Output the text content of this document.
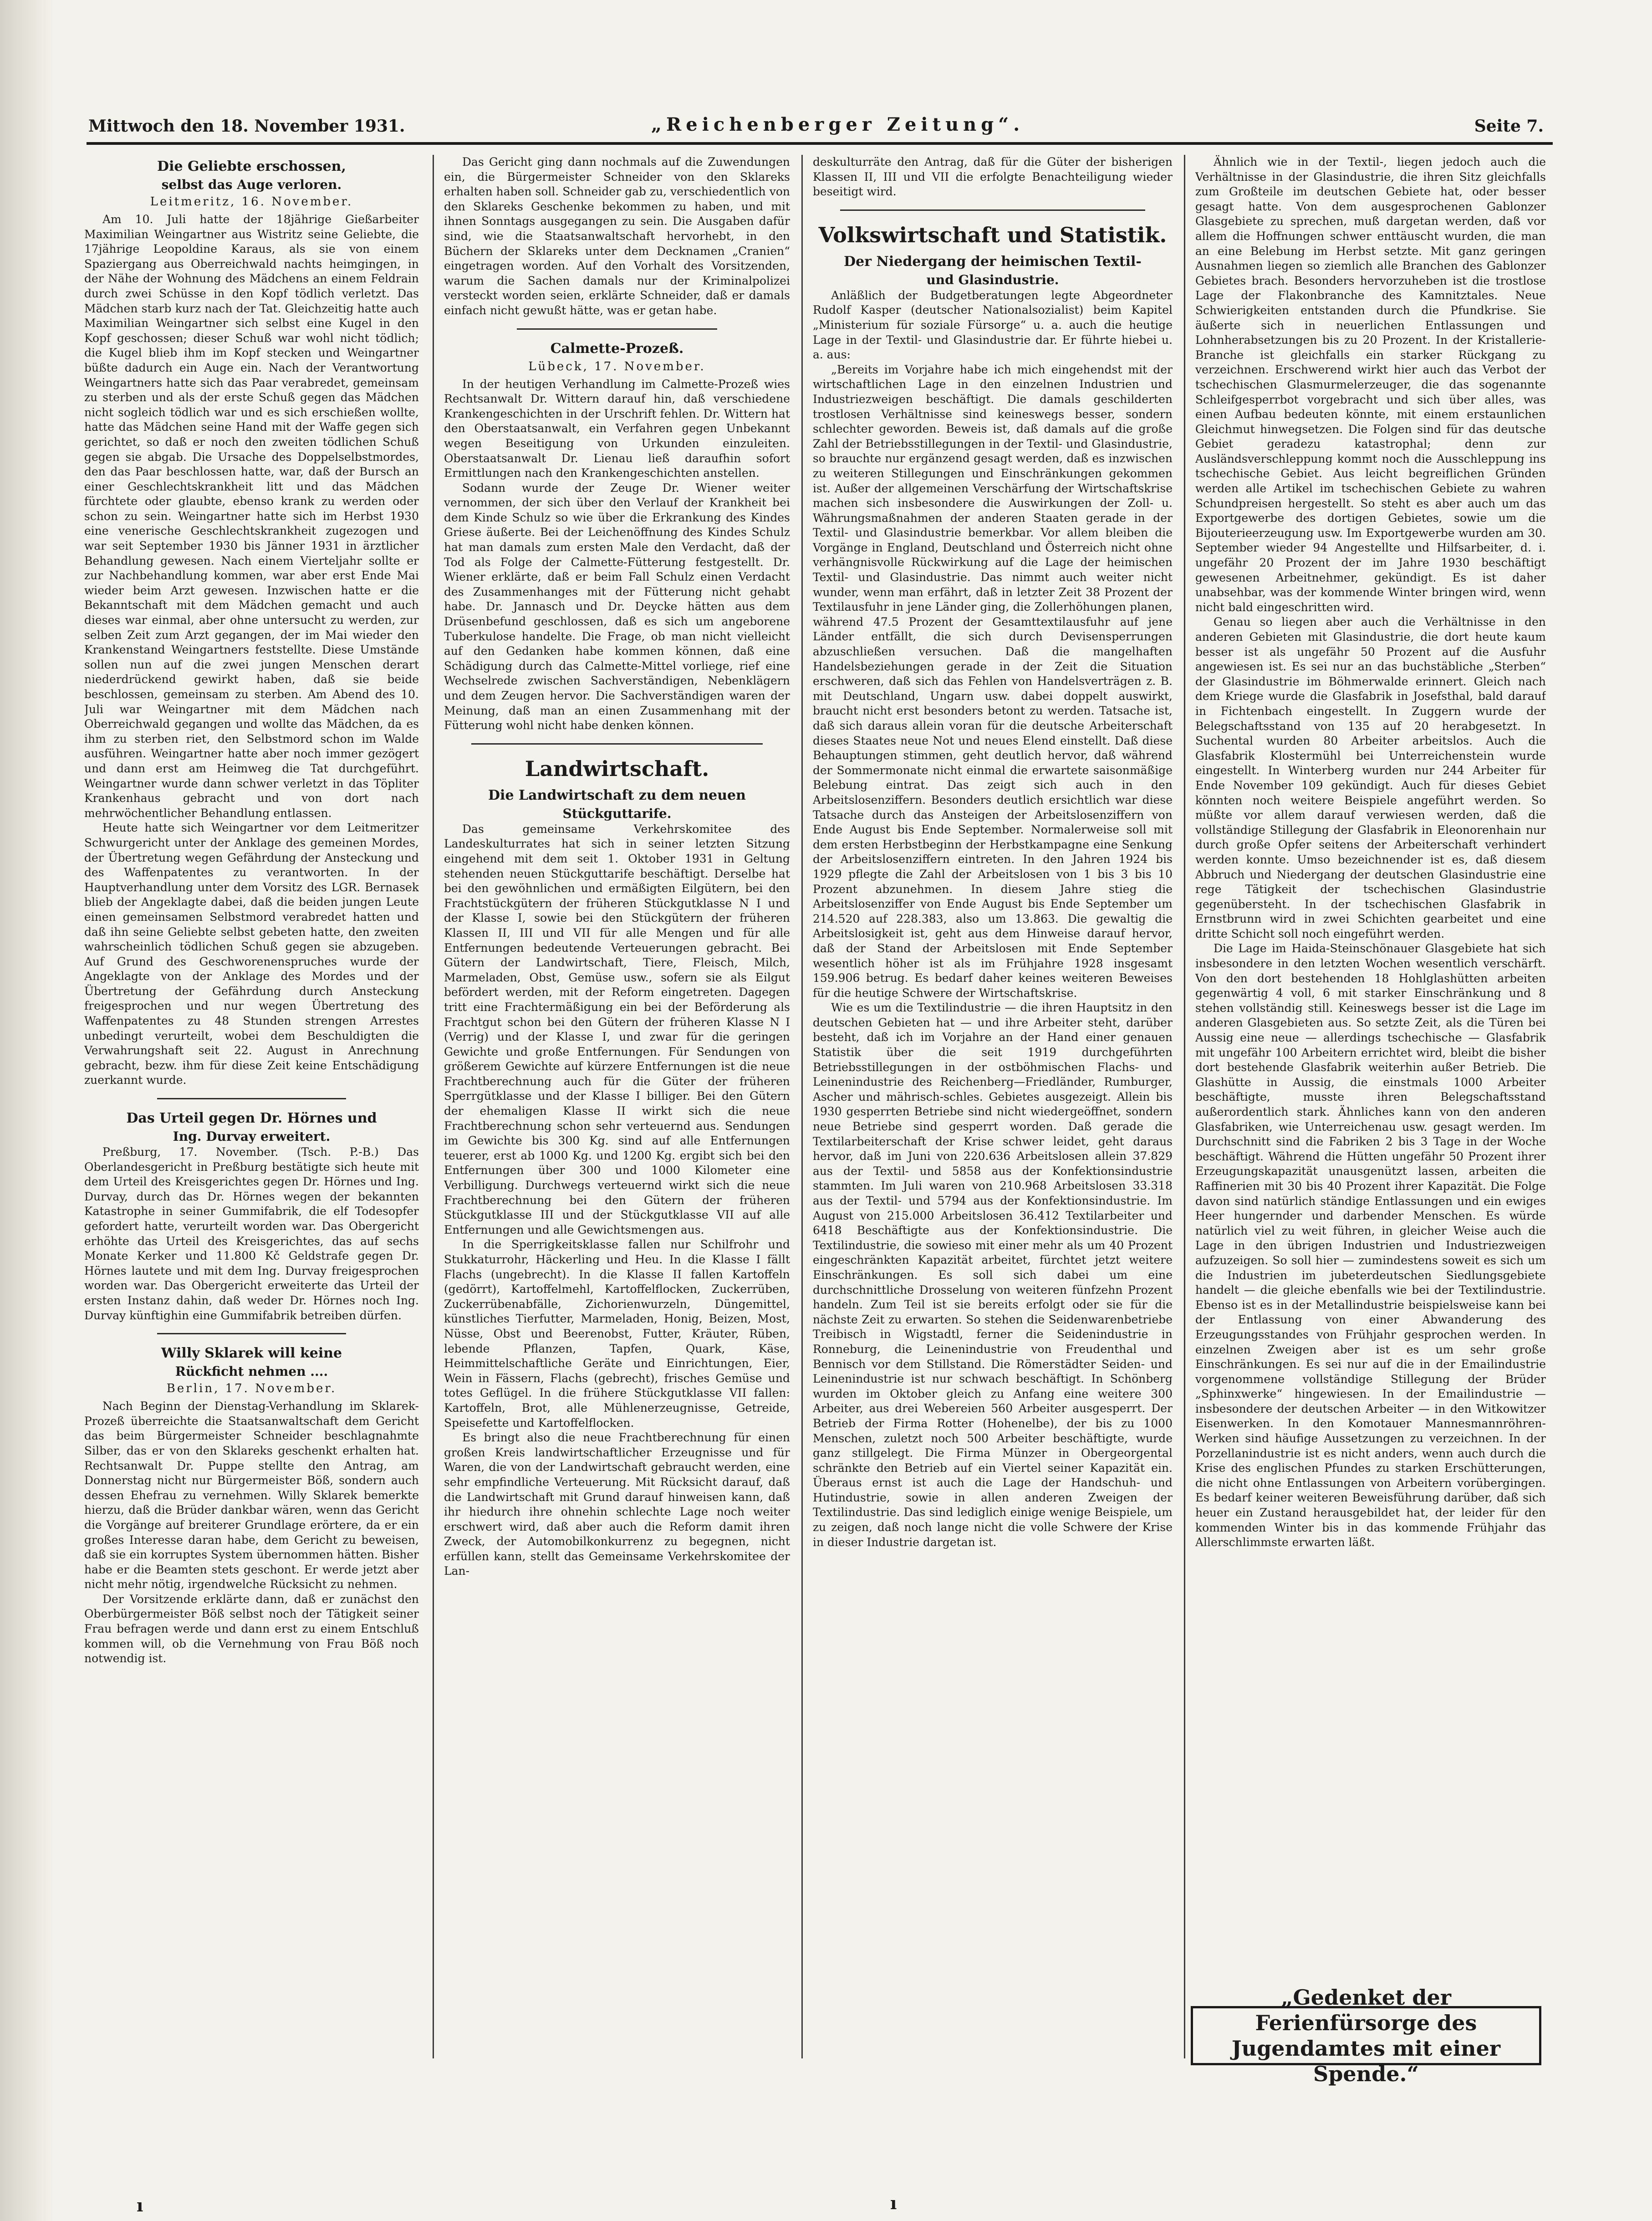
Mittwoch den 18. November 1931.	„Reichenberger Zeitung“.	Seite 7.
Die Geliebte erschossen,
selbst das Auge verloren.
Leitmeritz, 16. November.

Am 10. Juli hatte der 18jährige Gießarbeiter Maximilian Weingartner aus Wistritz seine Geliebte, die 17jährige Leopoldine Karaus, als sie von einem Spaziergang aus Oberreichwald nachts heimgingen, in der Nähe der Wohnung des Mädchens an einem Feldrain durch zwei Schüsse in den Kopf tödlich verletzt. Das Mädchen starb kurz nach der Tat. Gleichzeitig hatte auch Maximilian Weingartner sich selbst eine Kugel in den Kopf geschossen; dieser Schuß war wohl nicht tödlich; die Kugel blieb ihm im Kopf stecken und Weingartner büßte dadurch ein Auge ein. Nach der Verantwortung Weingartners hatte sich das Paar verabredet, gemeinsam zu sterben und als der erste Schuß gegen das Mädchen nicht sogleich tödlich war und es sich erschießen wollte, hatte das Mädchen seine Hand mit der Waffe gegen sich gerichtet, so daß er noch den zweiten tödlichen Schuß gegen sie abgab. Die Ursache des Doppelselbstmordes, den das Paar beschlossen hatte, war, daß der Bursch an einer Geschlechtskrankheit litt und das Mädchen fürchtete oder glaubte, ebenso krank zu werden oder schon zu sein. Weingartner hatte sich im Herbst 1930 eine venerische Geschlechtskrankheit zugezogen und war seit September 1930 bis Jänner 1931 in ärztlicher Behandlung gewesen. Nach einem Vierteljahr sollte er zur Nachbehandlung kommen, war aber erst Ende Mai wieder beim Arzt gewesen. Inzwischen hatte er die Bekanntschaft mit dem Mädchen gemacht und auch dieses war einmal, aber ohne untersucht zu werden, zur selben Zeit zum Arzt gegangen, der im Mai wieder den Krankenstand Weingartners feststellte. Diese Umstände sollen nun auf die zwei jungen Menschen derart niederdrückend gewirkt haben, daß sie beide beschlossen, gemeinsam zu sterben. Am Abend des 10. Juli war Weingartner mit dem Mädchen nach Oberreichwald gegangen und wollte das Mädchen, da es ihm zu sterben riet, den Selbstmord schon im Walde ausführen. Weingartner hatte aber noch immer gezögert und dann erst am Heimweg die Tat durchgeführt. Weingartner wurde dann schwer verletzt in das Töpliter Krankenhaus gebracht und von dort nach mehrwöchentlicher Behandlung entlassen.

Heute hatte sich Weingartner vor dem Leitmeritzer Schwurgericht unter der Anklage des gemeinen Mordes, der Übertretung wegen Gefährdung der Ansteckung und des Waffenpatentes zu verantworten. In der Hauptverhandlung unter dem Vorsitz des LGR. Bernasek blieb der Angeklagte dabei, daß die beiden jungen Leute einen gemeinsamen Selbstmord verabredet hatten und daß ihn seine Geliebte selbst gebeten hatte, den zweiten wahrscheinlich tödlichen Schuß gegen sie abzugeben. Auf Grund des Geschworenenspruches wurde der Angeklagte von der Anklage des Mordes und der Übertretung der Gefährdung durch Ansteckung freigesprochen und nur wegen Übertretung des Waffenpatentes zu 48 Stunden strengen Arrestes unbedingt verurteilt, wobei dem Beschuldigten die Verwahrungshaft seit 22. August in Anrechnung gebracht, bezw. ihm für diese Zeit keine Entschädigung zuerkannt wurde.

Das Urteil gegen Dr. Hörnes und
Ing. Durvay erweitert.

Preßburg, 17. November. (Tsch. P.-B.) Das Oberlandesgericht in Preßburg bestätigte sich heute mit dem Urteil des Kreisgerichtes gegen Dr. Hörnes und Ing. Durvay, durch das Dr. Hörnes wegen der bekannten Katastrophe in seiner Gummifabrik, die elf Todesopfer gefordert hatte, verurteilt worden war. Das Obergericht erhöhte das Urteil des Kreisgerichtes, das auf sechs Monate Kerker und 11.800 Kč Geldstrafe gegen Dr. Hörnes lautete und mit dem Ing. Durvay freigesprochen worden war. Das Obergericht erweiterte das Urteil der ersten Instanz dahin, daß weder Dr. Hörnes noch Ing. Durvay künftighin eine Gummifabrik betreiben dürfen.

Willy Sklarek will keine
Rückficht nehmen ....
Berlin, 17. November.

Nach Beginn der Dienstag-Verhandlung im Sklarek-Prozeß überreichte die Staatsanwaltschaft dem Gericht das beim Bürgermeister Schneider beschlagnahmte Silber, das er von den Sklareks geschenkt erhalten hat. Rechtsanwalt Dr. Puppe stellte den Antrag, am Donnerstag nicht nur Bürgermeister Böß, sondern auch dessen Ehefrau zu vernehmen. Willy Sklarek bemerkte hierzu, daß die Brüder dankbar wären, wenn das Gericht die Vorgänge auf breiterer Grundlage erörtere, da er ein großes Interesse daran habe, dem Gericht zu beweisen, daß sie ein korruptes System übernommen hätten. Bisher habe er die Beamten stets geschont. Er werde jetzt aber nicht mehr nötig, irgendwelche Rücksicht zu nehmen.

Der Vorsitzende erklärte dann, daß er zunächst den Oberbürgermeister Böß selbst noch der Tätigkeit seiner Frau befragen werde und dann erst zu einem Entschluß kommen will, ob die Vernehmung von Frau Böß noch notwendig ist.

Das Gericht ging dann nochmals auf die Zuwendungen ein, die Bürgermeister Schneider von den Sklareks erhalten haben soll. Schneider gab zu, verschiedentlich von den Sklareks Geschenke bekommen zu haben, und mit ihnen Sonntags ausgegangen zu sein. Die Ausgaben dafür sind, wie die Staatsanwaltschaft hervorhebt, in den Büchern der Sklareks unter dem Decknamen „Cranien“ eingetragen worden. Auf den Vorhalt des Vorsitzenden, warum die Sachen damals nur der Kriminalpolizei versteckt worden seien, erklärte Schneider, daß er damals einfach nicht gewußt hätte, was er getan habe.

Calmette-Prozeß.
Lübeck, 17. November.

In der heutigen Verhandlung im Calmette-Prozeß wies Rechtsanwalt Dr. Wittern darauf hin, daß verschiedene Krankengeschichten in der Urschrift fehlen. Dr. Wittern hat den Oberstaatsanwalt, ein Verfahren gegen Unbekannt wegen Beseitigung von Urkunden einzuleiten. Oberstaatsanwalt Dr. Lienau ließ daraufhin sofort Ermittlungen nach den Krankengeschichten anstellen.

Sodann wurde der Zeuge Dr. Wiener weiter vernommen, der sich über den Verlauf der Krankheit bei dem Kinde Schulz so wie über die Erkrankung des Kindes Griese äußerte. Bei der Leichenöffnung des Kindes Schulz hat man damals zum ersten Male den Verdacht, daß der Tod als Folge der Calmette-Fütterung festgestellt. Dr. Wiener erklärte, daß er beim Fall Schulz einen Verdacht des Zusammenhanges mit der Fütterung nicht gehabt habe. Dr. Jannasch und Dr. Deycke hätten aus dem Drüsenbefund geschlossen, daß es sich um angeborene Tuberkulose handelte. Die Frage, ob man nicht vielleicht auf den Gedanken habe kommen können, daß eine Schädigung durch das Calmette-Mittel vorliege, rief eine Wechselrede zwischen Sachverständigen, Nebenklägern und dem Zeugen hervor. Die Sachverständigen waren der Meinung, daß man an einen Zusammenhang mit der Fütterung wohl nicht habe denken können.

Landwirtschaft.
Die Landwirtschaft zu dem neuen
Stückguttarife.

Das gemeinsame Verkehrskomitee des Landeskulturrates hat sich in seiner letzten Sitzung eingehend mit dem seit 1. Oktober 1931 in Geltung stehenden neuen Stückguttarife beschäftigt. Derselbe hat bei den gewöhnlichen und ermäßigten Eilgütern, bei den Frachtstückgütern der früheren Stückgutklasse N I und der Klasse I, sowie bei den Stückgütern der früheren Klassen II, III und VII für alle Mengen und für alle Entfernungen bedeutende Verteuerungen gebracht. Bei Gütern der Landwirtschaft, Tiere, Fleisch, Milch, Marmeladen, Obst, Gemüse usw., sofern sie als Eilgut befördert werden, mit der Reform eingetreten. Dagegen tritt eine Frachtermäßigung ein bei der Beförderung als Frachtgut schon bei den Gütern der früheren Klasse N I (Verrig) und der Klasse I, und zwar für die geringen Gewichte und große Entfernungen. Für Sendungen von größerem Gewichte auf kürzere Entfernungen ist die neue Frachtberechnung auch für die Güter der früheren Sperrgütklasse und der Klasse I billiger. Bei den Gütern der ehemaligen Klasse II wirkt sich die neue Frachtberechnung schon sehr verteuernd aus. Sendungen im Gewichte bis 300 Kg. sind auf alle Entfernungen teuerer, erst ab 1000 Kg. und 1200 Kg. ergibt sich bei den Entfernungen über 300 und 1000 Kilometer eine Verbilligung. Durchwegs verteuernd wirkt sich die neue Frachtberechnung bei den Gütern der früheren Stückgutklasse III und der Stückgutklasse VII auf alle Entfernungen und alle Gewichtsmengen aus.

In die Sperrigkeitsklasse fallen nur Schilfrohr und Stukkaturrohr, Häckerling und Heu. In die Klasse I fällt Flachs (ungebrecht). In die Klasse II fallen Kartoffeln (gedörrt), Kartoffelmehl, Kartoffelflocken, Zuckerrüben, Zuckerrübenabfälle, Zichorienwurzeln, Düngemittel, künstliches Tierfutter, Marmeladen, Honig, Beizen, Most, Nüsse, Obst und Beerenobst, Futter, Kräuter, Rüben, lebende Pflanzen, Tapfen, Quark, Käse, Heimmittelschaftliche Geräte und Einrichtungen, Eier, Wein in Fässern, Flachs (gebrecht), frisches Gemüse und totes Geflügel. In die frühere Stückgutklasse VII fallen: Kartoffeln, Brot, alle Mühlenerzeugnisse, Getreide, Speisefette und Kartoffelflocken.

Es bringt also die neue Frachtberechnung für einen großen Kreis landwirtschaftlicher Erzeugnisse und für Waren, die von der Landwirtschaft gebraucht werden, eine sehr empfindliche Verteuerung. Mit Rücksicht darauf, daß die Landwirtschaft mit Grund darauf hinweisen kann, daß ihr hiedurch ihre ohnehin schlechte Lage noch weiter erschwert wird, daß aber auch die Reform damit ihren Zweck, der Automobilkonkurrenz zu begegnen, nicht erfüllen kann, stellt das Gemeinsame Verkehrskomitee der Lan-

deskulturräte den Antrag, daß für die Güter der bisherigen Klassen II, III und VII die erfolgte Benachteiligung wieder beseitigt wird.

Volkswirtschaft und Statistik.
Der Niedergang der heimischen Textil-
und Glasindustrie.

Anläßlich der Budgetberatungen legte Abgeordneter Rudolf Kasper (deutscher Nationalsozialist) beim Kapitel „Ministerium für soziale Fürsorge“ u. a. auch die heutige Lage in der Textil- und Glasindustrie dar. Er führte hiebei u. a. aus:

„Bereits im Vorjahre habe ich mich eingehendst mit der wirtschaftlichen Lage in den einzelnen Industrien und Industriezweigen beschäftigt. Die damals geschilderten trostlosen Verhältnisse sind keineswegs besser, sondern schlechter geworden. Beweis ist, daß damals auf die große Zahl der Betriebsstillegungen in der Textil- und Glasindustrie, so brauchte nur ergänzend gesagt werden, daß es inzwischen zu weiteren Stillegungen und Einschränkungen gekommen ist. Außer der allgemeinen Verschärfung der Wirtschaftskrise machen sich insbesondere die Auswirkungen der Zoll- u. Währungsmaßnahmen der anderen Staaten gerade in der Textil- und Glasindustrie bemerkbar. Vor allem bleiben die Vorgänge in England, Deutschland und Österreich nicht ohne verhängnisvolle Rückwirkung auf die Lage der heimischen Textil- und Glasindustrie. Das nimmt auch weiter nicht wunder, wenn man erfährt, daß in letzter Zeit 38 Prozent der Textilausfuhr in jene Länder ging, die Zollerhöhungen planen, während 47.5 Prozent der Gesamttextilausfuhr auf jene Länder entfällt, die sich durch Devisensperrungen abzuschließen versuchen. Daß die mangelhaften Handelsbeziehungen gerade in der Zeit die Situation erschweren, daß sich das Fehlen von Handelsverträgen z. B. mit Deutschland, Ungarn usw. dabei doppelt auswirkt, braucht nicht erst besonders betont zu werden. Tatsache ist, daß sich daraus allein voran für die deutsche Arbeiterschaft dieses Staates neue Not und neues Elend einstellt. Daß diese Behauptungen stimmen, geht deutlich hervor, daß während der Sommermonate nicht einmal die erwartete saisonmäßige Belebung eintrat. Das zeigt sich auch in den Arbeitslosenziffern. Besonders deutlich ersichtlich war diese Tatsache durch das Ansteigen der Arbeitslosenziffern von Ende August bis Ende September. Normalerweise soll mit dem ersten Herbstbeginn der Herbstkampagne eine Senkung der Arbeitslosenziffern eintreten. In den Jahren 1924 bis 1929 pflegte die Zahl der Arbeitslosen von 1 bis 3 bis 10 Prozent abzunehmen. In diesem Jahre stieg die Arbeitslosenziffer von Ende August bis Ende September um 214.520 auf 228.383, also um 13.863. Die gewaltig die Arbeitslosigkeit ist, geht aus dem Hinweise darauf hervor, daß der Stand der Arbeitslosen mit Ende September wesentlich höher ist als im Frühjahre 1928 insgesamt 159.906 betrug. Es bedarf daher keines weiteren Beweises für die heutige Schwere der Wirtschaftskrise.

Wie es um die Textilindustrie — die ihren Hauptsitz in den deutschen Gebieten hat — und ihre Arbeiter steht, darüber besteht, daß ich im Vorjahre an der Hand einer genauen Statistik über die seit 1919 durchgeführten Betriebsstillegungen in der ostböhmischen Flachs- und Leinenindustrie des Reichenberg—Friedländer, Rumburger, Ascher und mährisch-schles. Gebietes ausgezeigt. Allein bis 1930 gesperrten Betriebe sind nicht wiedergeöffnet, sondern neue Betriebe sind gesperrt worden. Daß gerade die Textilarbeiterschaft der Krise schwer leidet, geht daraus hervor, daß im Juni von 220.636 Arbeitslosen allein 37.829 aus der Textil- und 5858 aus der Konfektionsindustrie stammten. Im Juli waren von 210.968 Arbeitslosen 33.318 aus der Textil- und 5794 aus der Konfektionsindustrie. Im August von 215.000 Arbeitslosen 36.412 Textilarbeiter und 6418 Beschäftigte aus der Konfektionsindustrie. Die Textilindustrie, die sowieso mit einer mehr als um 40 Prozent eingeschränkten Kapazität arbeitet, fürchtet jetzt weitere Einschränkungen. Es soll sich dabei um eine durchschnittliche Drosselung von weiteren fünfzehn Prozent handeln. Zum Teil ist sie bereits erfolgt oder sie für die nächste Zeit zu erwarten. So stehen die Seidenwarenbetriebe Treibisch in Wigstadtl, ferner die Seidenindustrie in Ronneburg, die Leinenindustrie von Freudenthal und Bennisch vor dem Stillstand. Die Römerstädter Seiden- und Leinenindustrie ist nur schwach beschäftigt. In Schönberg wurden im Oktober gleich zu Anfang eine weitere 300 Arbeiter, aus drei Webereien 560 Arbeiter ausgesperrt. Der Betrieb der Firma Rotter (Hohenelbe), der bis zu 1000 Menschen, zuletzt noch 500 Arbeiter beschäftigte, wurde ganz stillgelegt. Die Firma Münzer in Obergeorgental schränkte den Betrieb auf ein Viertel seiner Kapazität ein. Überaus ernst ist auch die Lage der Handschuh- und Hutindustrie, sowie in allen anderen Zweigen der Textilindustrie. Das sind lediglich einige wenige Beispiele, um zu zeigen, daß noch lange nicht die volle Schwere der Krise in dieser Industrie dargetan ist.

Ähnlich wie in der Textil-, liegen jedoch auch die Verhältnisse in der Glasindustrie, die ihren Sitz gleichfalls zum Großteile im deutschen Gebiete hat, oder besser gesagt hatte. Von dem ausgesprochenen Gablonzer Glasgebiete zu sprechen, muß dargetan werden, daß vor allem die Hoffnungen schwer enttäuscht wurden, die man an eine Belebung im Herbst setzte. Mit ganz geringen Ausnahmen liegen so ziemlich alle Branchen des Gablonzer Gebietes brach. Besonders hervorzuheben ist die trostlose Lage der Flakonbranche des Kamnitztales. Neue Schwierigkeiten entstanden durch die Pfundkrise. Sie äußerte sich in neuerlichen Entlassungen und Lohnherabsetzungen bis zu 20 Prozent. In der Kristallerie-Branche ist gleichfalls ein starker Rückgang zu verzeichnen. Erschwerend wirkt hier auch das Verbot der tschechischen Glasmurmelerzeuger, die das sogenannte Schleifgesperrbot vorgebracht und sich über alles, was einen Aufbau bedeuten könnte, mit einem erstaunlichen Gleichmut hinwegsetzen. Die Folgen sind für das deutsche Gebiet geradezu katastrophal; denn zur Ausländsverschleppung kommt noch die Ausschleppung ins tschechische Gebiet. Aus leicht begreiflichen Gründen werden alle Artikel im tschechischen Gebiete zu wahren Schundpreisen hergestellt. So steht es aber auch um das Exportgewerbe des dortigen Gebietes, sowie um die Bijouterieerzeugung usw. Im Exportgewerbe wurden am 30. September wieder 94 Angestellte und Hilfsarbeiter, d. i. ungefähr 20 Prozent der im Jahre 1930 beschäftigt gewesenen Arbeitnehmer, gekündigt. Es ist daher unabsehbar, was der kommende Winter bringen wird, wenn nicht bald eingeschritten wird.

Genau so liegen aber auch die Verhältnisse in den anderen Gebieten mit Glasindustrie, die dort heute kaum besser ist als ungefähr 50 Prozent auf die Ausfuhr angewiesen ist. Es sei nur an das buchstäbliche „Sterben“ der Glasindustrie im Böhmerwalde erinnert. Gleich nach dem Kriege wurde die Glasfabrik in Josefsthal, bald darauf in Fichtenbach eingestellt. In Zuggern wurde der Belegschaftsstand von 135 auf 20 herabgesetzt. In Suchental wurden 80 Arbeiter arbeitslos. Auch die Glasfabrik Klostermühl bei Unterreichenstein wurde eingestellt. In Winterberg wurden nur 244 Arbeiter für Ende November 109 gekündigt. Auch für dieses Gebiet könnten noch weitere Beispiele angeführt werden. So müßte vor allem darauf verwiesen werden, daß die vollständige Stillegung der Glasfabrik in Eleonorenhain nur durch große Opfer seitens der Arbeiterschaft verhindert werden konnte. Umso bezeichnender ist es, daß diesem Abbruch und Niedergang der deutschen Glasindustrie eine rege Tätigkeit der tschechischen Glasindustrie gegenübersteht. In der tschechischen Glasfabrik in Ernstbrunn wird in zwei Schichten gearbeitet und eine dritte Schicht soll noch eingeführt werden.

Die Lage im Haida-Steinschönauer Glasgebiete hat sich insbesondere in den letzten Wochen wesentlich verschärft. Von den dort bestehenden 18 Hohlglashütten arbeiten gegenwärtig 4 voll, 6 mit starker Einschränkung und 8 stehen vollständig still. Keineswegs besser ist die Lage im anderen Glasgebieten aus. So setzte Zeit, als die Türen bei Aussig eine neue — allerdings tschechische — Glasfabrik mit ungefähr 100 Arbeitern errichtet wird, bleibt die bisher dort bestehende Glasfabrik weiterhin außer Betrieb. Die Glashütte in Aussig, die einstmals 1000 Arbeiter beschäftigte, musste ihren Belegschaftsstand außerordentlich stark. Ähnliches kann von den anderen Glasfabriken, wie Unterreichenau usw. gesagt werden. Im Durchschnitt sind die Fabriken 2 bis 3 Tage in der Woche beschäftigt. Während die Hütten ungefähr 50 Prozent ihrer Erzeugungskapazität unausgenützt lassen, arbeiten die Raffinerien mit 30 bis 40 Prozent ihrer Kapazität. Die Folge davon sind natürlich ständige Entlassungen und ein ewiges Heer hungernder und darbender Menschen. Es würde natürlich viel zu weit führen, in gleicher Weise auch die Lage in den übrigen Industrien und Industriezweigen aufzuzeigen. So soll hier — zumindestens soweit es sich um die Industrien im jubeterdeutschen Siedlungsgebiete handelt — die gleiche ebenfalls wie bei der Textilindustrie. Ebenso ist es in der Metallindustrie beispielsweise kann bei der Entlassung von einer Abwanderung des Erzeugungsstandes von Frühjahr gesprochen werden. In einzelnen Zweigen aber ist es um sehr große Einschränkungen. Es sei nur auf die in der Emailindustrie vorgenommene vollständige Stillegung der Brüder „Sphinxwerke“ hingewiesen. In der Emailindustrie — insbesondere der deutschen Arbeiter — in den Witkowitzer Eisenwerken. In den Komotauer Mannesmannröhren-Werken sind häufige Aussetzungen zu verzeichnen. In der Porzellanindustrie ist es nicht anders, wenn auch durch die Krise des englischen Pfundes zu starken Erschütterungen, die nicht ohne Entlassungen von Arbeitern vorübergingen. Es bedarf keiner weiteren Beweisführung darüber, daß sich heuer ein Zustand herausgebildet hat, der leider für den kommenden Winter bis in das kommende Frühjahr das Allerschlimmste erwarten läßt.

„Gedenket der Ferienfürsorge des
Jugendamtes mit einer Spende.“
ı	ı
